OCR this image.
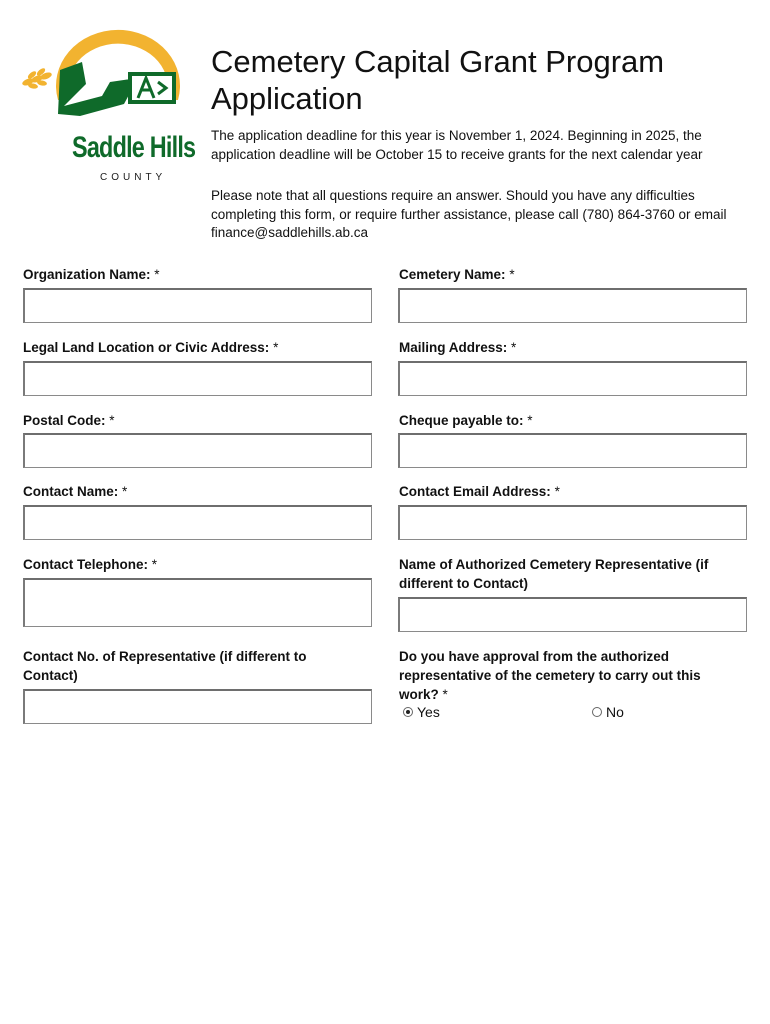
Saddle Hills
COUNTY
Cemetery Capital Grant Program Application
The application deadline for this year is November 1, 2024. Beginning in 2025, the application deadline will be October 15 to receive grants for the next calendar year
Please note that all questions require an answer. Should you have any difficulties completing this form, or require further assistance, please call (780) 864-3760 or email finance@saddlehills.ab.ca
Organization Name: *	Cemetery Name: *
Legal Land Location or Civic Address: *	Mailing Address: *
Postal Code: *	Cheque payable to: *
Contact Name: *	Contact Email Address: *
Contact Telephone: *	Name of Authorized Cemetery Representative (if different to Contact)
Contact No. of Representative (if different to Contact)
Do you have approval from the authorized representative of the cemetery to carry out this work? *
Yes	No
